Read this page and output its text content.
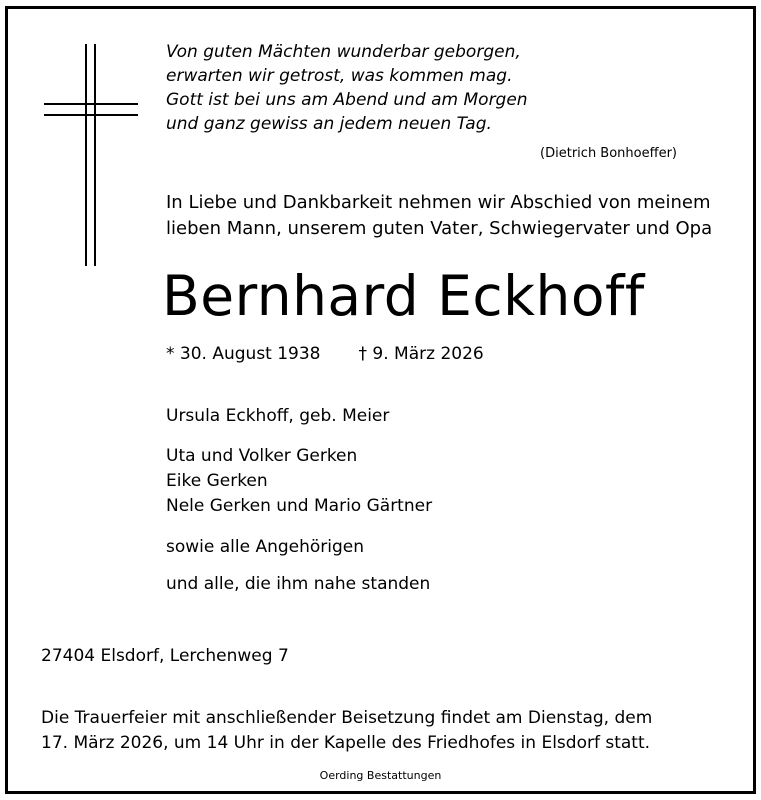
Von guten Mächten wunderbar geborgen,
erwarten wir getrost, was kommen mag.
Gott ist bei uns am Abend und am Morgen
und ganz gewiss an jedem neuen Tag.
(Dietrich Bonhoeffer)
In Liebe und Dankbarkeit nehmen wir Abschied von meinem
lieben Mann, unserem guten Vater, Schwiegervater und Opa
Bernhard Eckhoff
* 30. August 1938 † 9. März 2026
Ursula Eckhoff, geb. Meier
Uta und Volker Gerken
Eike Gerken
Nele Gerken und Mario Gärtner
sowie alle Angehörigen
und alle, die ihm nahe standen
27404 Elsdorf, Lerchenweg 7
Die Trauerfeier mit anschließender Beisetzung findet am Dienstag, dem
17. März 2026, um 14 Uhr in der Kapelle des Friedhofes in Elsdorf statt.
Oerding Bestattungen
